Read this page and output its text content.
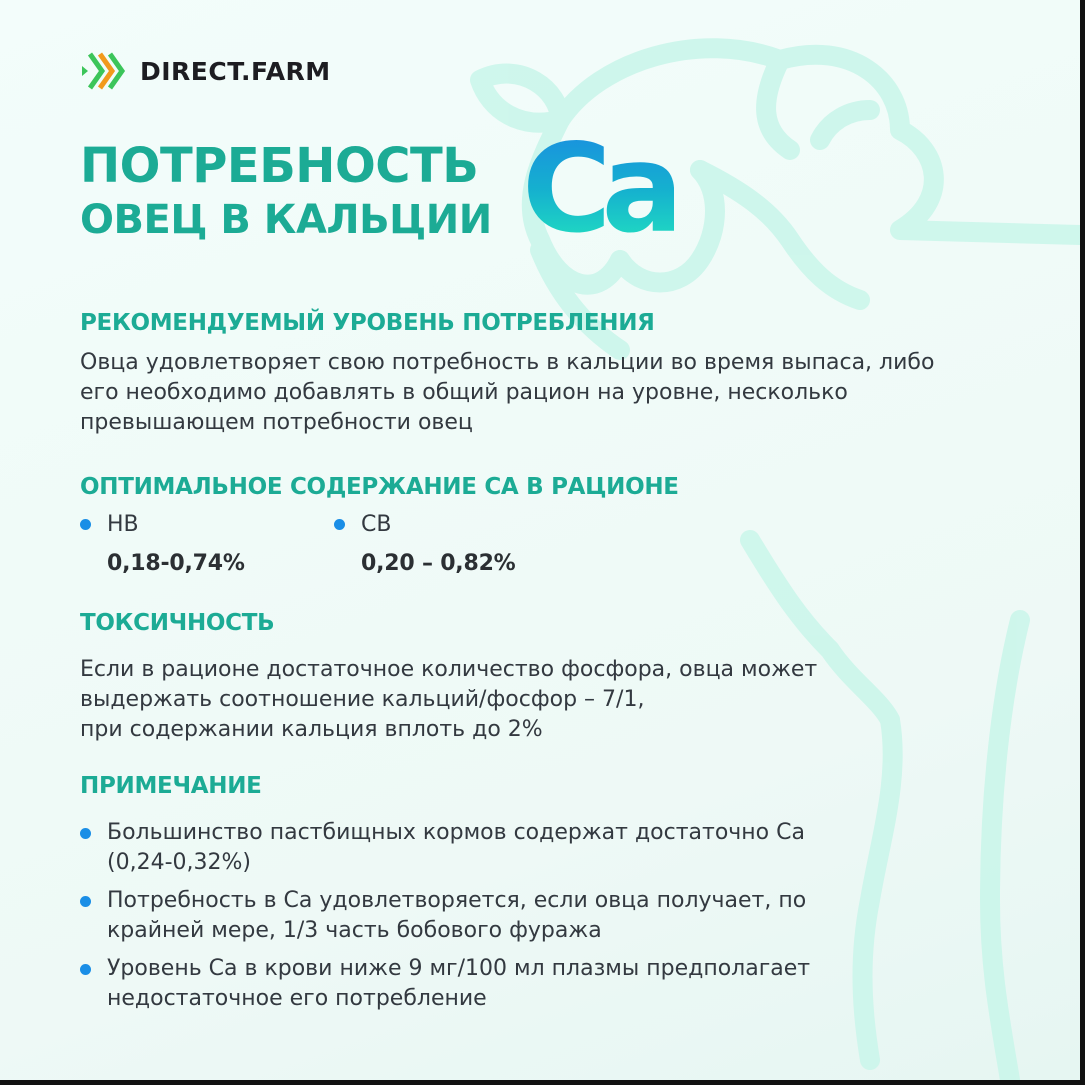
DIRECT.FARM
ПОТРЕБНОСТЬ
ОВЕЦ В КАЛЬЦИИ Ca
РЕКОМЕНДУЕМЫЙ УРОВЕНЬ ПОТРЕБЛЕНИЯ
Овца удовлетворяет свою потребность в кальции во время выпаса, либо
его необходимо добавлять в общий рацион на уровне, несколько
превышающем потребности овец
ОПТИМАЛЬНОЕ СОДЕРЖАНИЕ СА В РАЦИОНЕ
НВ
0,18-0,74%
СВ
0,20 – 0,82%
ТОКСИЧНОСТЬ
Если в рационе достаточное количество фосфора, овца может
выдержать соотношение кальций/фосфор – 7/1,
при содержании кальция вплоть до 2%
ПРИМЕЧАНИЕ
Большинство пастбищных кормов содержат достаточно Са
(0,24-0,32%)
Потребность в Са удовлетворяется, если овца получает, по
крайней мере, 1/3 часть бобового фуража
Уровень Са в крови ниже 9 мг/100 мл плазмы предполагает
недостаточное его потребление
